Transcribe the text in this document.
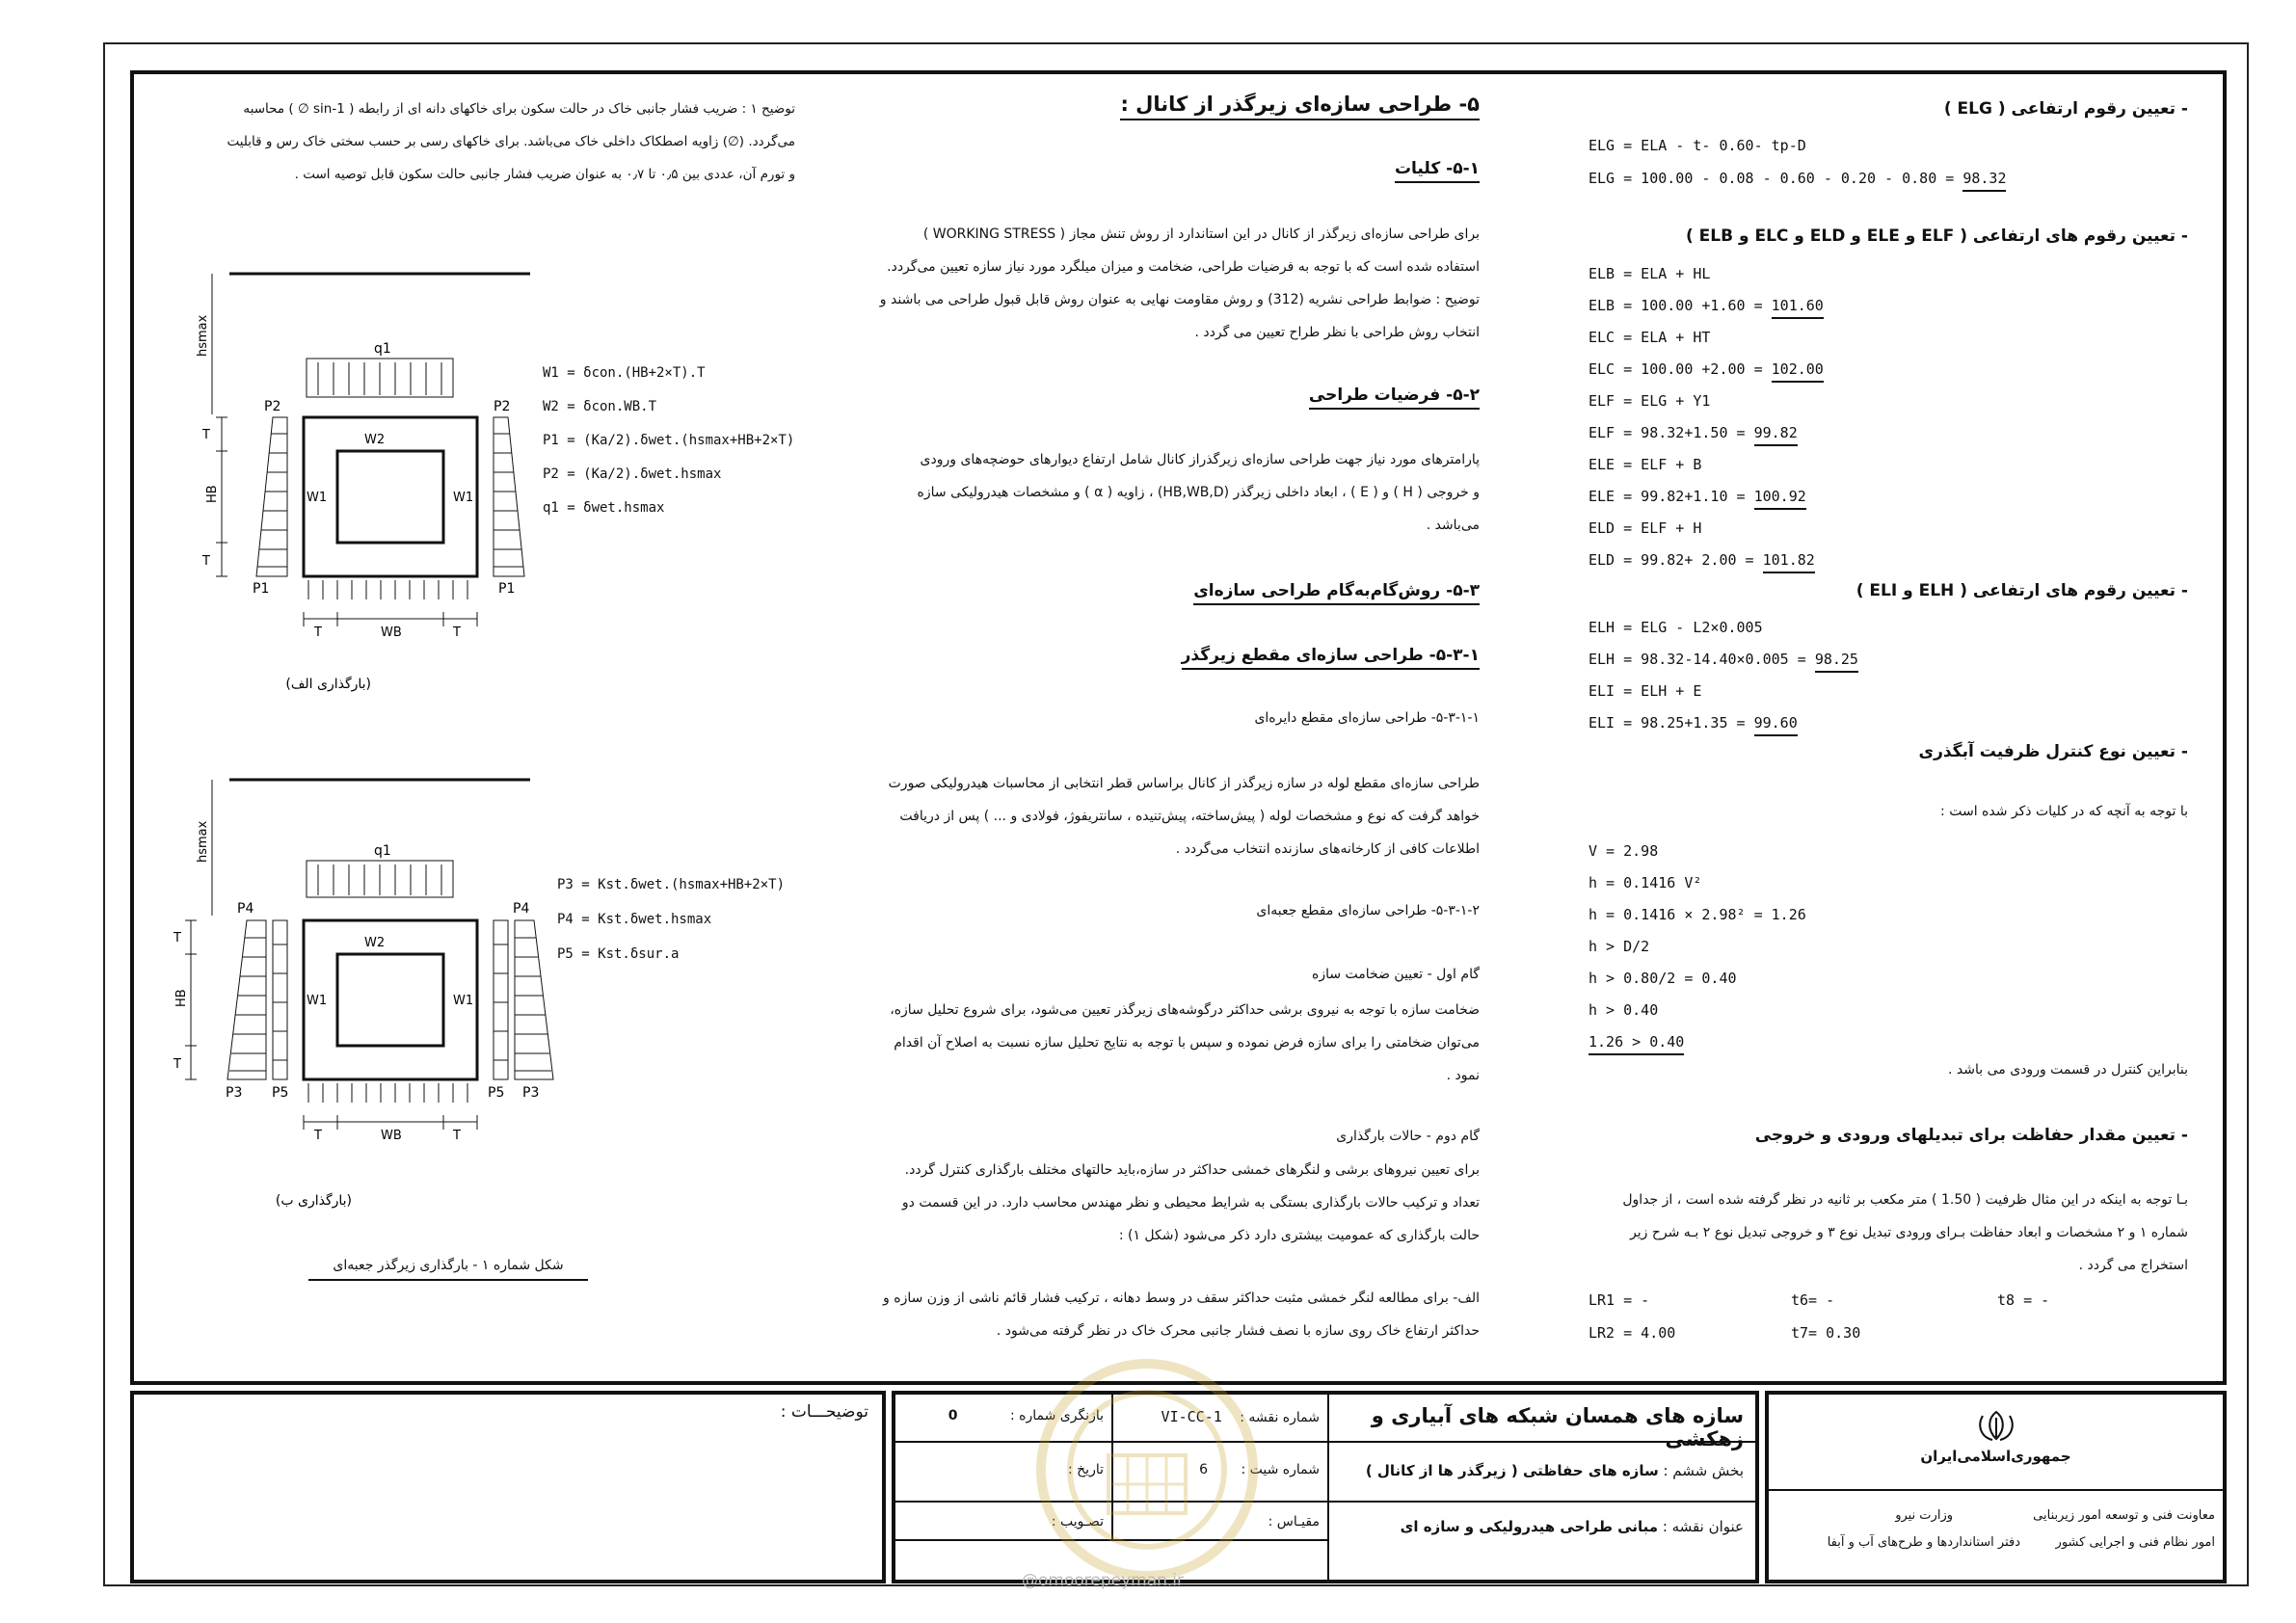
- تعیین رقوم ارتفاعی ( ELG )
ELG = ELA - t- 0.60- tp-D
ELG = 100.00 - 0.08 - 0.60 - 0.20 - 0.80 = 98.32
- تعیین رقوم های ارتفاعی ( ELF و ELE و ELD و ELC و ELB )
ELB = ELA + HL
ELB = 100.00 +1.60 = 101.60
ELC = ELA + HT
ELC = 100.00 +2.00 = 102.00
ELF = ELG + Y1
ELF = 98.32+1.50 = 99.82
ELE = ELF + B
ELE = 99.82+1.10 = 100.92
ELD = ELF + H
ELD = 99.82+ 2.00 = 101.82
- تعیین رقوم های ارتفاعی ( ELH و ELI )
ELH = ELG - L2×0.005
ELH = 98.32-14.40×0.005 = 98.25
ELI = ELH + E
ELI = 98.25+1.35 = 99.60
- تعیین نوع کنترل ظرفیت آبگذری
با توجه به آنچه که در کلیات ذکر شده است :
V = 2.98
h = 0.1416 V²
h = 0.1416 × 2.98² = 1.26
h > D/2
h > 0.80/2 = 0.40
h > 0.40
1.26 > 0.40
بنابراین کنترل در قسمت ورودی می باشد .
- تعیین مقدار حفاظت برای تبدیلهای ورودی و خروجی
بـا توجه به اینکه در این مثال ظرفیت ( 1.50 ) متر مکعب بر ثانیه در نظر گرفته شده است ، از جداول
شماره ۱ و ۲ مشخصات و ابعاد حفاظت بـرای ورودی تبدیل نوع ۳ و خروجی تبدیل نوع ۲ بـه شرح زیر
استخراج می گردد .
LR1 = -	t6= -	t8 = -
LR2 = 4.00	t7= 0.30
۵- طراحی سازه‌ای زیرگذر از کانال :
۵-۱- کلیات
برای طراحی سازه‌ای زیرگذر از کانال در این استاندارد از روش تنش مجاز ( WORKING STRESS )
استفاده شده است که با توجه به فرضیات طراحی، ضخامت و میزان میلگرد مورد نیاز سازه تعیین می‌گردد.
توضیح : ضوابط طراحی نشریه (312) و روش مقاومت نهایی به عنوان روش قابل قبول طراحی می باشند و
انتخاب روش طراحی با نظر طراح تعیین می گردد .
۵-۲- فرضیات طراحی
پارامترهای مورد نیاز جهت طراحی سازه‌ای زیرگذراز کانال شامل ارتفاع دیوارهای حوضچه‌های ورودی
و خروجی ( H ) و ( E ) ، ابعاد داخلی زیرگذر (HB,WB,D) ، زاویه ( α ) و مشخصات هیدرولیکی سازه
می‌باشد .
۵-۳- روش‌گام‌به‌گام طراحی سازه‌ای
۵-۳-۱- طراحی سازه‌ای مقطع زیرگذر
۵-۳-۱-۱- طراحی سازه‌ای مقطع دایره‌ای
طراحی سازه‌ای مقطع لوله در سازه زیرگذر از کانال براساس قطر انتخابی از محاسبات هیدرولیکی صورت
خواهد گرفت که نوع و مشخصات لوله ( پیش‌ساخته، پیش‌تنیده ، سانتریفوژ، فولادی و ... ) پس از دریافت
اطلاعات کافی از کارخانه‌های سازنده انتخاب می‌گردد .
۵-۳-۱-۲- طراحی سازه‌ای مقطع جعبه‌ای
گام اول - تعیین ضخامت سازه
ضخامت سازه با توجه به نیروی برشی حداکثر درگوشه‌های زیرگذر تعیین می‌شود، برای شروع تحلیل سازه،
می‌توان ضخامتی را برای سازه فرض نموده و سپس با توجه به نتایج تحلیل سازه نسبت به اصلاح آن اقدام
نمود .
گام دوم - حالات بارگذاری
برای تعیین نیروهای برشی و لنگرهای خمشی حداکثر در سازه،باید حالتهای مختلف بارگذاری کنترل گردد.
تعداد و ترکیب حالات بارگذاری بستگی به شرایط محیطی و نظر مهندس محاسب دارد. در این قسمت دو
حالت بارگذاری که عمومیت بیشتری دارد ذکر می‌شود (شکل ۱) :
الف- برای مطالعه لنگر خمشی مثبت حداکثر سقف در وسط دهانه ، ترکیب فشار قائم ناشی از وزن سازه و
حداکثر ارتفاع خاک روی سازه با نصف فشار جانبی محرک خاک در نظر گرفته می‌شود .
توضیح ۱ : ضریب فشار جانبی خاک در حالت سکون برای خاکهای دانه ای از رابطه ( 1-sin ∅ ) محاسبه
می‌گردد. (∅) زاویه اصطکاک داخلی خاک می‌باشد. برای خاکهای رسی بر حسب سختی خاک رس و قابلیت
و تورم آن، عددی بین ۰٫۵ تا ۰٫۷ به عنوان ضریب فشار جانبی حالت سکون قابل توصیه است .
hsmax	q1
W2
W1	W1
P2
P1
P2
P1
T
HB
T
T	WB	T
(بارگذاری الف)
W1 = δcon.(HB+2×T).T
W2 = δcon.WB.T
P1 = (Ka/2).δwet.(hsmax+HB+2×T)
P2 = (Ka/2).δwet.hsmax
q1 = δwet.hsmax
hsmax	q1
W2
W1	W1
P4
P3 P5
P4
P5 P3
T
HB
T
T	WB	T
(بارگذاری ب)
P3 = Kst.δwet.(hsmax+HB+2×T)
P4 = Kst.δwet.hsmax
P5 = Kst.δsur.a
شکل شماره ۱ - بارگذاری زیرگذر جعبه‌ای
توضیحـــات :	سازه های همسان شبکه های آبیاری و زهکشی
شماره نقشه : VI-CC-1
بازنگری شماره : 0
بخش ششم : سازه های حفاظتی ( زیرگذر ها از کانال )
شماره شیت : 6
تاریخ :
عنوان نقشه : مبانی طراحی هیدرولیکی و سازه ای
مقیـاس :
تصـویب :
جمهوری‌اسلامی‌ایران
معاونت فنی و توسعه امور زیربنایی
امور نظام فنی و اجرایی کشور
وزارت نیرو
دفتر استانداردها و طرح‌های آب و آبفا
@omoorepeyman.ir
